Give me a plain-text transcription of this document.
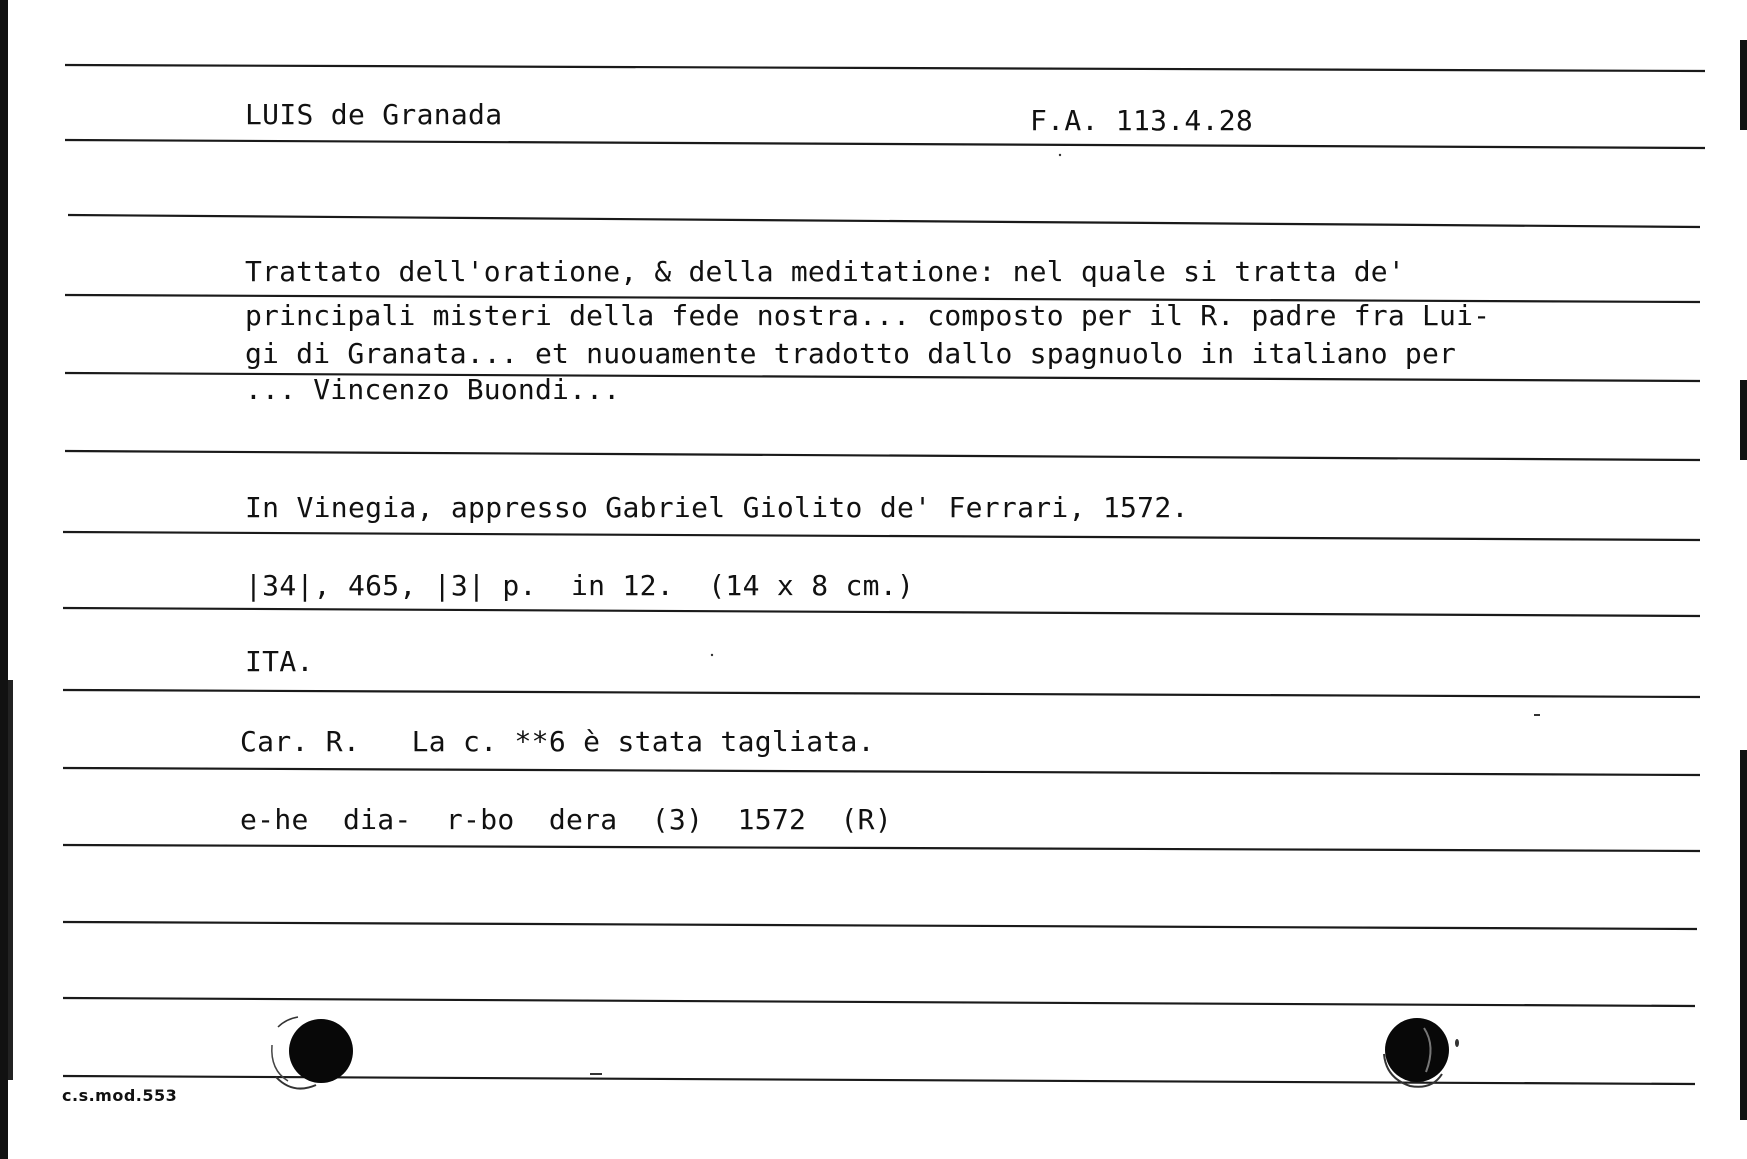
LUIS de Granada	F.A. 113.4.28
Trattato dell'oratione, & della meditatione: nel quale si tratta de'
principali misteri della fede nostra... composto per il R. padre fra Lui-
gi di Granata... et nuouamente tradotto dallo spagnuolo in italiano per
... Vincenzo Buondi...
In Vinegia, appresso Gabriel Giolito de' Ferrari, 1572.
|34|, 465, |3| p.  in 12.  (14 x 8 cm.)
ITA.
Car. R.   La c. **6 è stata tagliata.
e-he  dia-  r-bo  dera  (3)  1572  (R)
c.s.mod.553
